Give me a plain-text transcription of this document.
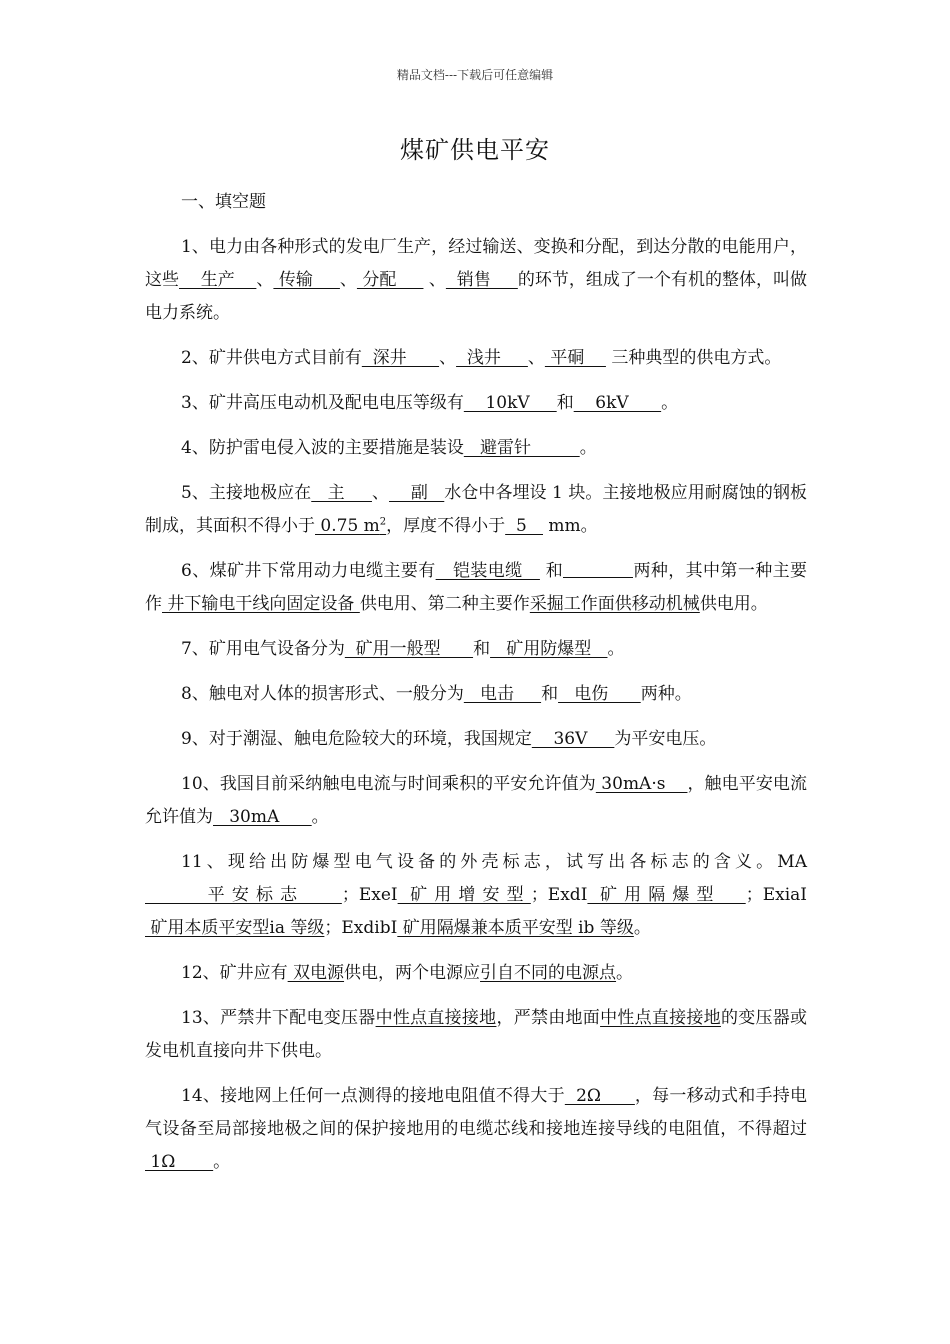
精品文档---下载后可任意编辑
煤矿供电平安

一、填空题

1、电力由各种形式的发电厂生产，经过输送、变换和分配，到达分散的电能用户，这些    生产    、 传输     、 分配      、  销售     的环节，组成了一个有机的整体，叫做电力系统。

2、矿井供电方式目前有  深井      、  浅井     、 平硐     三种典型的供电方式。

3、矿井高压电动机及配电电压等级有    10kV     和    6kV      。

4、防护雷电侵入波的主要措施是装设   避雷针         。

5、主接地极应在   主     、    副   水仓中各埋设 1 块。主接地极应用耐腐蚀的钢板制成，其面积不得小于 0.75 $m^2$，厚度不得小于  5    mm。

6、煤矿井下常用动力电缆主要有   铠装电缆    和	两种，其中第一种主要作 井下输电干线向固定设备 供电用、第二种主要作采掘工作面供移动机械供电用。

7、矿用电气设备分为  矿用一般型      和   矿用防爆型   。

8、触电对人体的损害形式、一般分为   电击     和   电伤      两种。

9、对于潮湿、触电危险较大的环境，我国规定    36V     为平安电压。

10、我国目前采纳触电电流与时间乘积的平安允许值为 30mA·s    ，触电平安电流允许值为   30mA      。

11、现给出防爆型电气设备的外壳标志，试写出各标志的含义。MA     平安标志   ；ExeI 矿用增安型；ExdI 矿用隔爆型  ；ExiaI 矿用本质平安型ia 等级；ExdibI 矿用隔爆兼本质平安型 ib 等级。

12、矿井应有 双电源供电，两个电源应引自不同的电源点。

13、严禁井下配电变压器中性点直接接地，严禁由地面中性点直接接地的变压器或发电机直接向井下供电。

14、接地网上任何一点测得的接地电阻值不得大于  2Ω      ，每一移动式和手持电气设备至局部接地极之间的保护接地用的电缆芯线和接地连接导线的电阻值，不得超过 1Ω       。
